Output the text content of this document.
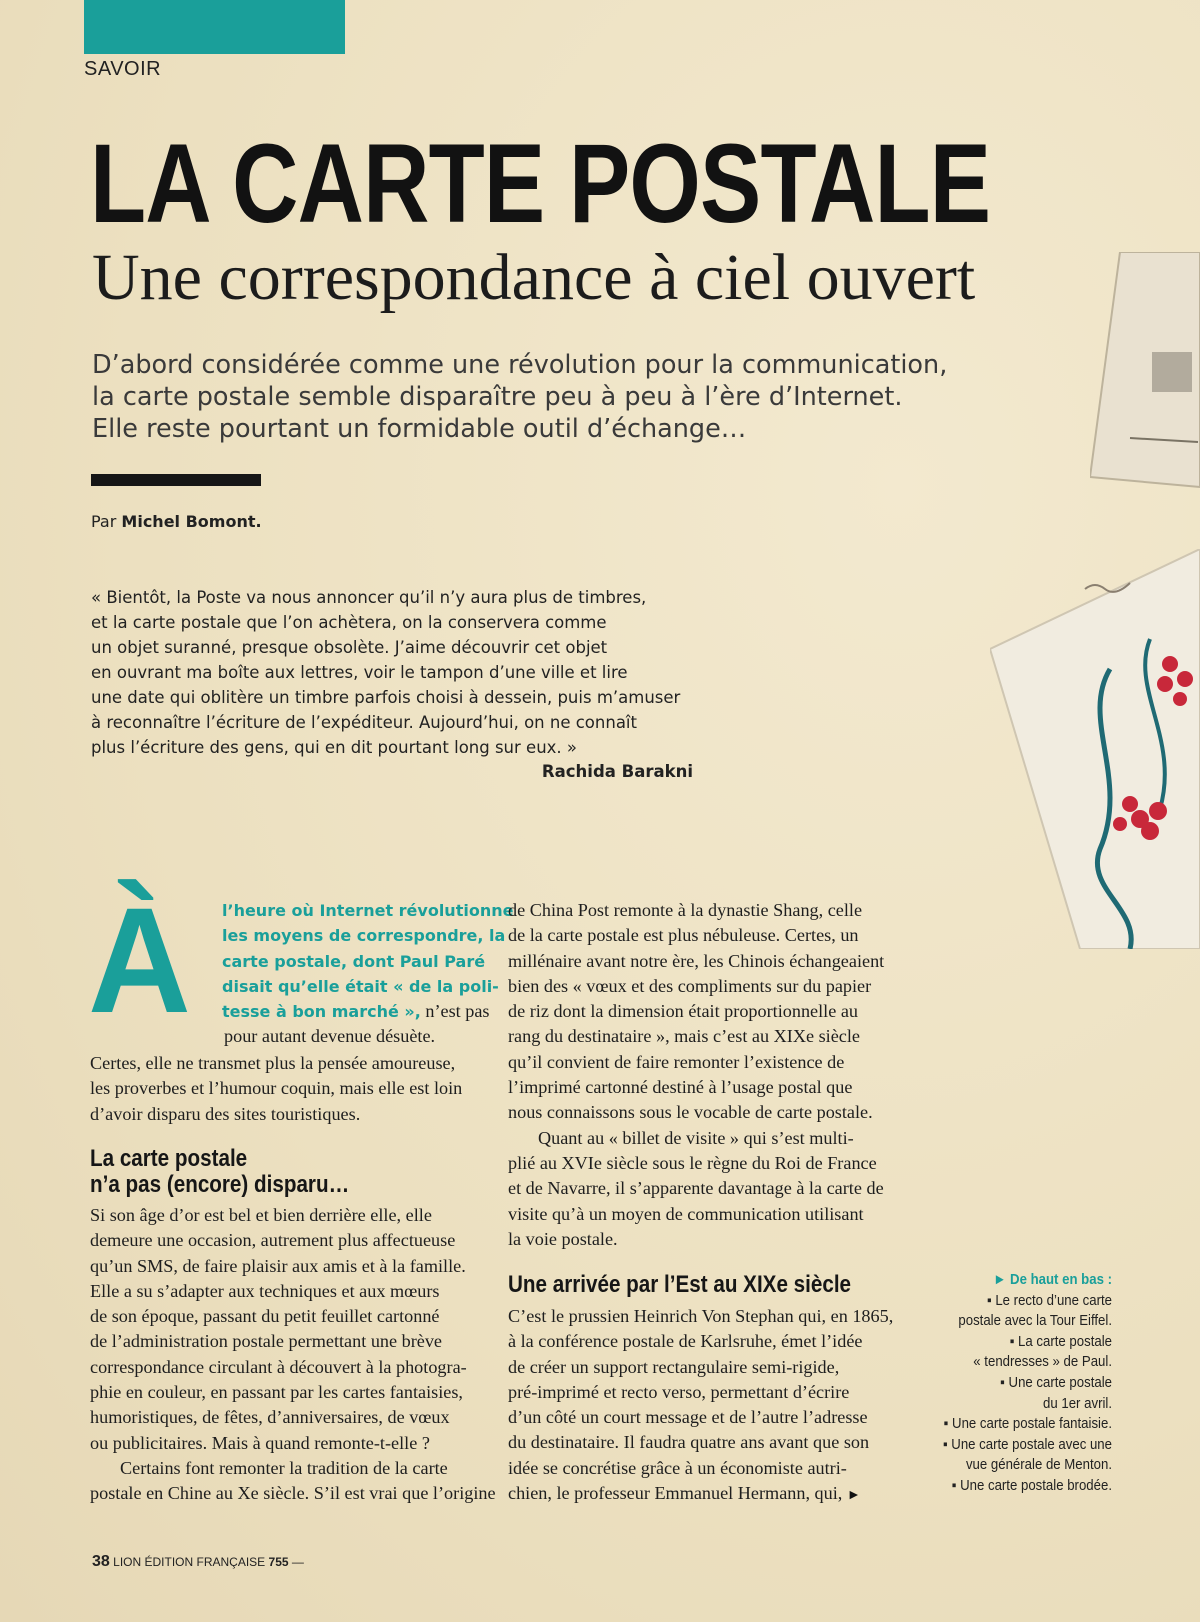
SAVOIR
LA CARTE POSTALE
Une correspondance à ciel ouvert
D’abord considérée comme une révolution pour la communication,
la carte postale semble disparaître peu à peu à l’ère d’Internet.
Elle reste pourtant un formidable outil d’échange…
Par Michel Bomont.
« Bientôt, la Poste va nous annoncer qu’il n’y aura plus de timbres,
et la carte postale que l’on achètera, on la conservera comme
un objet suranné, presque obsolète. J’aime découvrir cet objet
en ouvrant ma boîte aux lettres, voir le tampon d’une ville et lire
une date qui oblitère un timbre parfois choisi à dessein, puis m’amuser
à reconnaître l’écriture de l’expéditeur. Aujourd’hui, on ne connaît
plus l’écriture des gens, qui en dit pourtant long sur eux. »
Rachida Barakni
À l’heure où Internet révolutionne
les moyens de correspondre, la
carte postale, dont Paul Paré
disait qu’elle était « de la poli-
tesse à bon marché », n’est pas
pour autant devenue désuète.
Certes, elle ne transmet plus la pensée amoureuse,
les proverbes et l’humour coquin, mais elle est loin
d’avoir disparu des sites touristiques.
La carte postale
n’a pas (encore) disparu…
Si son âge d’or est bel et bien derrière elle, elle
demeure une occasion, autrement plus affectueuse
qu’un SMS, de faire plaisir aux amis et à la famille.
Elle a su s’adapter aux techniques et aux mœurs
de son époque, passant du petit feuillet cartonné
de l’administration postale permettant une brève
correspondance circulant à découvert à la photogra-
phie en couleur, en passant par les cartes fantaisies,
humoristiques, de fêtes, d’anniversaires, de vœux
ou publicitaires. Mais à quand remonte-t-elle ?
Certains font remonter la tradition de la carte
postale en Chine au Xe siècle. S’il est vrai que l’origine
de China Post remonte à la dynastie Shang, celle
de la carte postale est plus nébuleuse. Certes, un
millénaire avant notre ère, les Chinois échangeaient
bien des « vœux et des compliments sur du papier
de riz dont la dimension était proportionnelle au
rang du destinataire », mais c’est au XIXe siècle
qu’il convient de faire remonter l’existence de
l’imprimé cartonné destiné à l’usage postal que
nous connaissons sous le vocable de carte postale.
Quant au « billet de visite » qui s’est multi-
plié au XVIe siècle sous le règne du Roi de France
et de Navarre, il s’apparente davantage à la carte de
visite qu’à un moyen de communication utilisant
la voie postale.
Une arrivée par l’Est au XIXe siècle
C’est le prussien Heinrich Von Stephan qui, en 1865,
à la conférence postale de Karlsruhe, émet l’idée
de créer un support rectangulaire semi-rigide,
pré-imprimé et recto verso, permettant d’écrire
d’un côté un court message et de l’autre l’adresse
du destinataire. Il faudra quatre ans avant que son
idée se concrétise grâce à un économiste autri-
chien, le professeur Emmanuel Hermann, qui, ►
► De haut en bas :
▪ Le recto d’une carte
postale avec la Tour Eiffel.
▪ La carte postale
« tendresses » de Paul.
▪ Une carte postale
du 1er avril.
▪ Une carte postale fantaisie.
▪ Une carte postale avec une
vue générale de Menton.
▪ Une carte postale brodée.
38 LION ÉDITION FRANÇAISE 755 —
